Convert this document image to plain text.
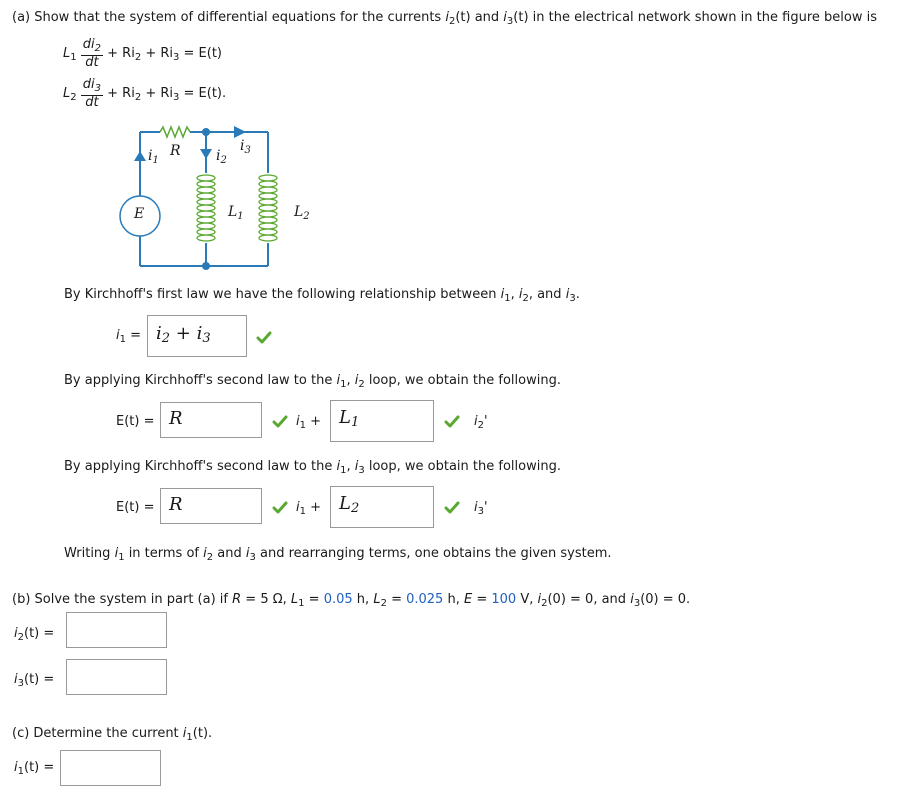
(a) Show that the system of differential equations for the currents $i_2(t)$ and $i_3(t)$ in the electrical network shown in the figure below is
$L_1 \frac{di_2}{dt} + Ri_2 + Ri_3 = E(t)$
$L_2 \frac{di_3}{dt} + Ri_2 + Ri_3 = E(t)$.
$i_1$
R	$i_2$
$i_3$
E	$L_1$	$L_2$
By Kirchhoff's first law we have the following relationship between $i_1$, $i_2$, and $i_3$.
$i_1 = i_2 + i_3$
By applying Kirchhoff's second law to the $i_1$, $i_2$ loop, we obtain the following.
E(t) = R	$i_1 + L_1$	$i_2'$
By applying Kirchhoff's second law to the $i_1$, $i_3$ loop, we obtain the following.
E(t) = R	$i_1 + L_2$	$i_3'$
Writing $i_1$ in terms of $i_2$ and $i_3$ and rearranging terms, one obtains the given system.
(b) Solve the system in part (a) if R = 5 Ω, $L_1 = 0.05$ h, $L_2 = 0.025$ h, E = 100 V, $i_2(0) = 0$, and $i_3(0) = 0$.
$i_2(t)$ =
$i_3(t)$ =
(c) Determine the current $i_1(t)$.
$i_1(t)$ =
